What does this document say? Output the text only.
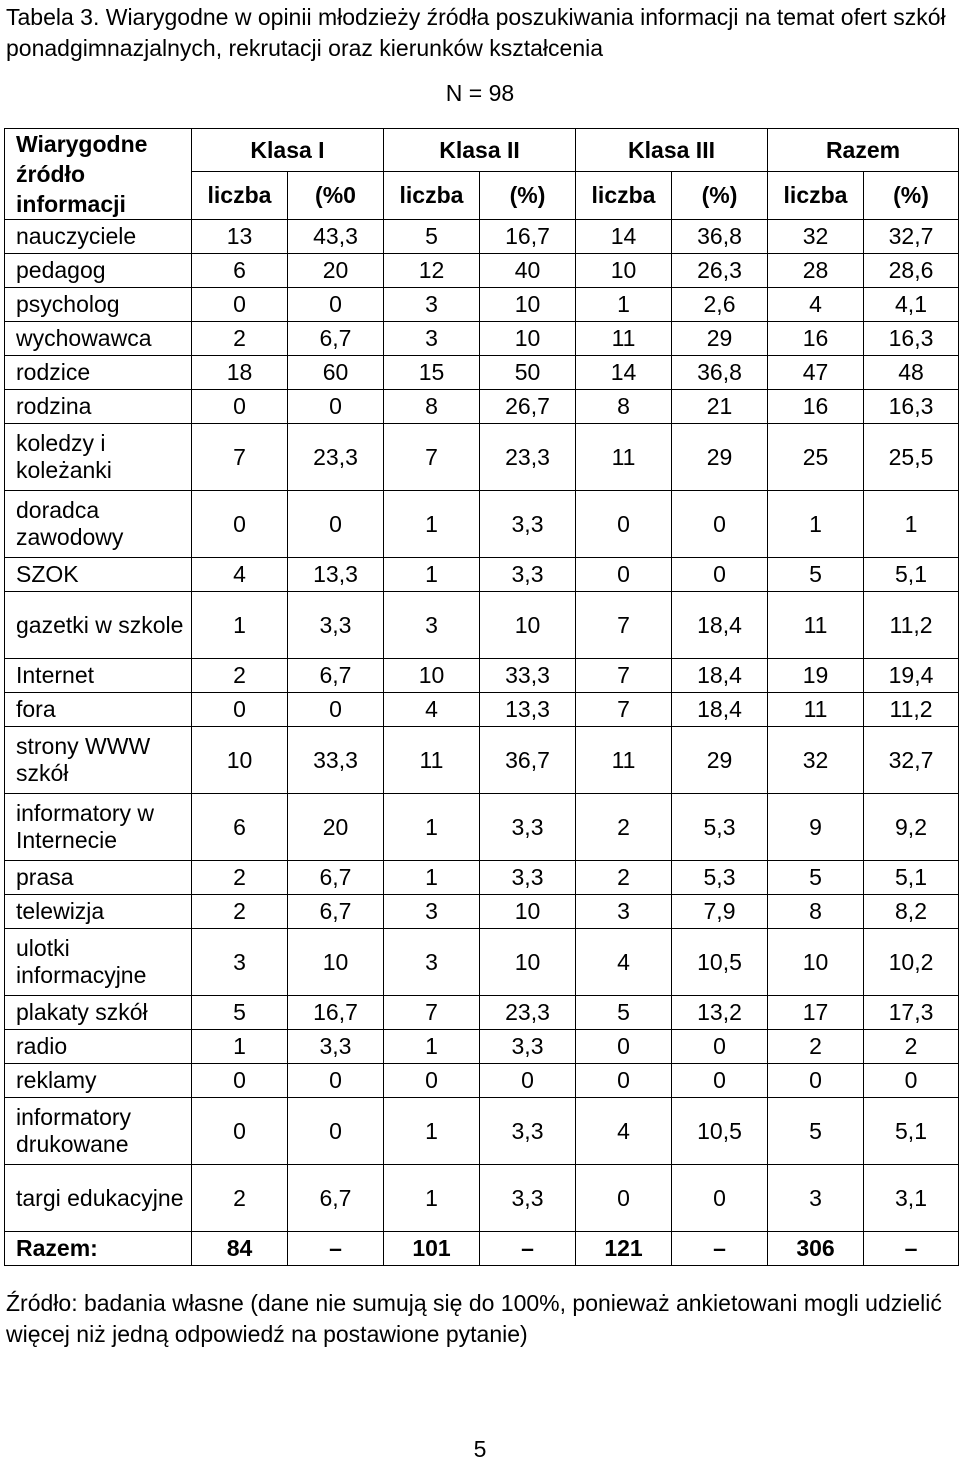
Tabela 3. Wiarygodne w opinii młodzieży źródła poszukiwania informacji na temat ofert szkół ponadgimnazjalnych, rekrutacji oraz kierunków kształcenia
N = 98
Wiarygodne źródło informacji	Klasa I		Klasa II		Klasa III		Razem	
	liczba	(%0	liczba	(%)	liczba	(%)	liczba	(%)
nauczyciele	13	43,3	5	16,7	14	36,8	32	32,7
pedagog	6	20	12	40	10	26,3	28	28,6
psycholog	0	0	3	10	1	2,6	4	4,1
wychowawca	2	6,7	3	10	11	29	16	16,3
rodzice	18	60	15	50	14	36,8	47	48
rodzina	0	0	8	26,7	8	21	16	16,3
koledzy i koleżanki	7	23,3	7	23,3	11	29	25	25,5
doradca zawodowy	0	0	1	3,3	0	0	1	1
SZOK	4	13,3	1	3,3	0	0	5	5,1
gazetki w szkole	1	3,3	3	10	7	18,4	11	11,2
Internet	2	6,7	10	33,3	7	18,4	19	19,4
fora	0	0	4	13,3	7	18,4	11	11,2
strony WWW szkół	10	33,3	11	36,7	11	29	32	32,7
informatory w Internecie	6	20	1	3,3	2	5,3	9	9,2
prasa	2	6,7	1	3,3	2	5,3	5	5,1
telewizja	2	6,7	3	10	3	7,9	8	8,2
ulotki informacyjne	3	10	3	10	4	10,5	10	10,2
plakaty szkół	5	16,7	7	23,3	5	13,2	17	17,3
radio	1	3,3	1	3,3	0	0	2	2
reklamy	0	0	0	0	0	0	0	0
informatory drukowane	0	0	1	3,3	4	10,5	5	5,1
targi edukacyjne	2	6,7	1	3,3	0	0	3	3,1
Razem:	84	–	101	–	121	–	306	–
Źródło: badania własne (dane nie sumują się do 100%, ponieważ ankietowani mogli udzielić więcej niż jedną odpowiedź na postawione pytanie)
5
